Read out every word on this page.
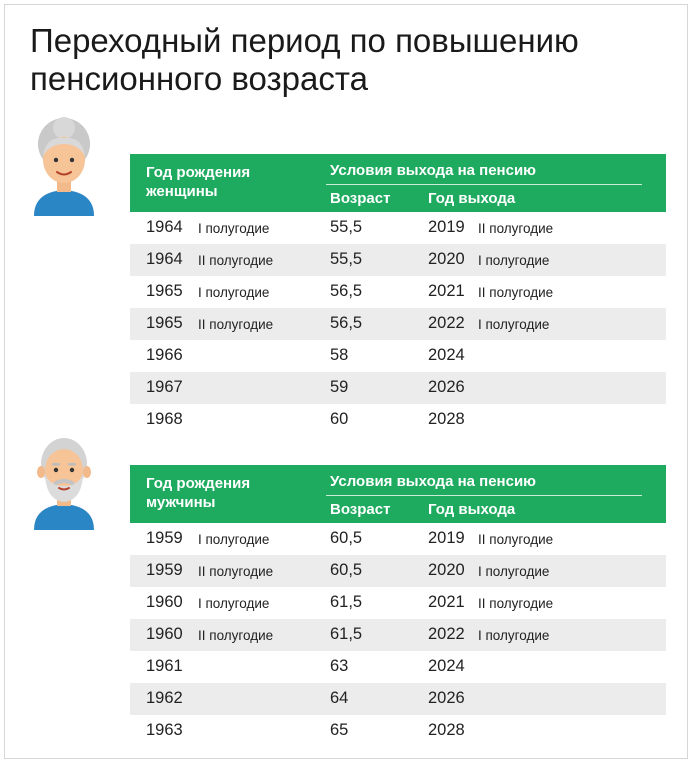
Переходный период по повышению
пенсионного возраста
Год рождения
женщины
Условия выхода на пенсию
Возраст	Год выхода
1964 I полугодие	55,5	2019 II полугодие
1964 II полугодие	55,5	2020 I полугодие
1965 I полугодие	56,5	2021 II полугодие
1965 II полугодие	56,5	2022 I полугодие
1966	58	2024
1967	59	2026
1968	60	2028
Год рождения
мужчины
Условия выхода на пенсию
Возраст	Год выхода
1959 I полугодие	60,5	2019 II полугодие
1959 II полугодие	60,5	2020 I полугодие
1960 I полугодие	61,5	2021 II полугодие
1960 II полугодие	61,5	2022 I полугодие
1961	63	2024
1962	64	2026
1963	65	2028
